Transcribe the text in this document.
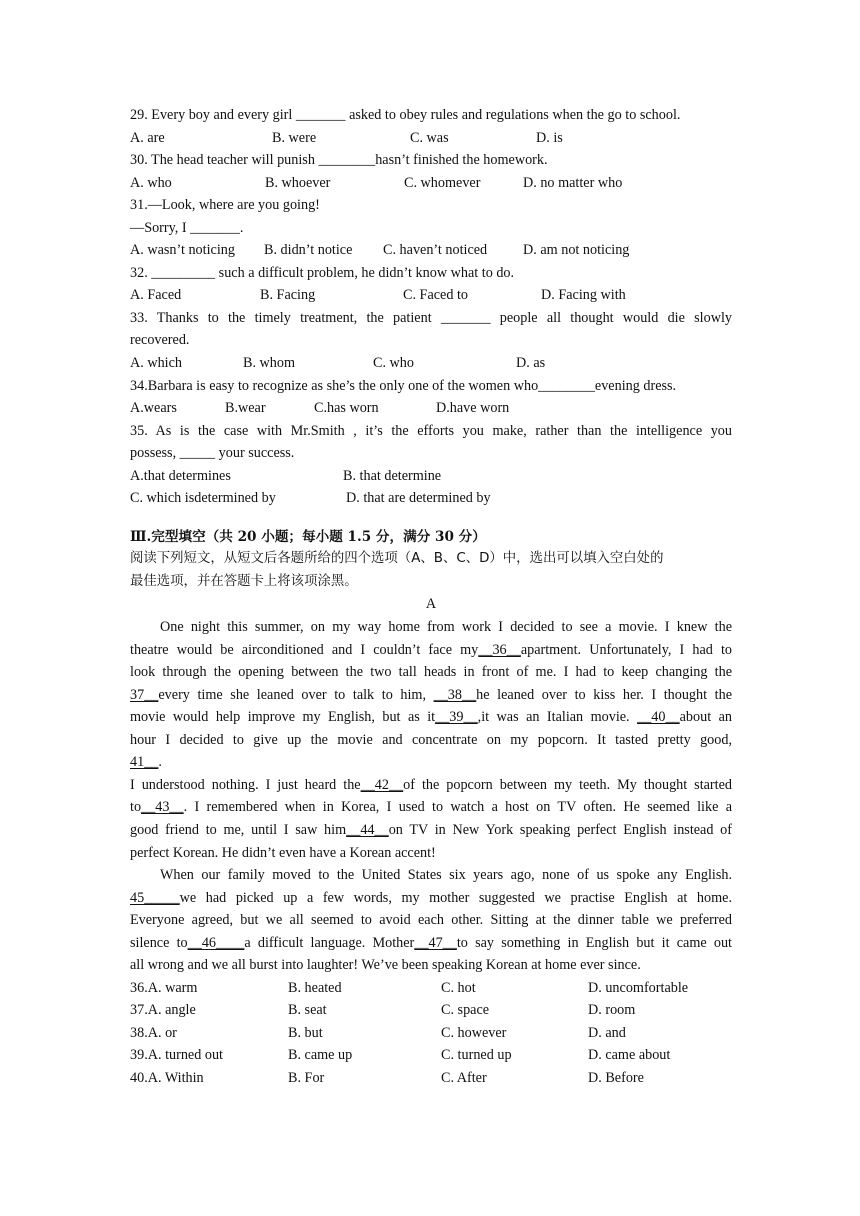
29. Every boy and every girl _______ asked to obey rules and regulations when the go to school.
A. are	B. were	C. was	D. is
30. The head teacher will punish ________hasn’t finished the homework.
A. who	B. whoever	C. whomever	D. no matter who
31.—Look, where are you going!
—Sorry, I _______.
A. wasn’t noticing B. didn’t notice C. haven’t noticed	D. am not noticing
32. _________ such a difficult problem, he didn’t know what to do.
A. Faced	B. Facing	C. Faced to	D. Facing with
33. Thanks to the timely treatment, the patient _______ people all thought would die slowly
recovered.
A. which	B. whom	C. who	D. as
34.Barbara is easy to recognize as she’s the only one of the women who________evening dress.
A.wears	B.wear	C.has worn	D.have worn
35. As is the case with Mr.Smith , it’s the efforts you make, rather than the intelligence you
possess, _____ your success.
A.that determines	B. that determine
C. which isdetermined by	D. that are determined by
Ⅲ.完型填空（共 20 小题；每小题 1.5 分，满分 30 分）
阅读下列短文，从短文后各题所给的四个选项（A、B、C、D）中，选出可以填入空白处的
最佳选项，并在答题卡上将该项涂黑。
A
One night this summer, on my way home from work I decided to see a movie. I knew the
theatre would be airconditioned and I couldn’t face my__36__apartment. Unfortunately, I had to
look through the opening between the two tall heads in front of me. I had to keep changing the
37__every time she leaned over to talk to him, __38__he leaned over to kiss her. I thought the
movie would help improve my English, but as it__39__,it was an Italian movie. __40__about an
hour I decided to give up the movie and concentrate on my popcorn. It tasted pretty good,
41__.
I understood nothing. I just heard the__42__of the popcorn between my teeth. My thought started
to__43__. I remembered when in Korea, I used to watch a host on TV often. He seemed like a
good friend to me, until I saw him__44__on TV in New York speaking perfect English instead of
perfect Korean. He didn’t even have a Korean accent!
When our family moved to the United States six years ago, none of us spoke any English.
45_____we had picked up a few words, my mother suggested we practise English at home.
Everyone agreed, but we all seemed to avoid each other. Sitting at the dinner table we preferred
silence to__46____a difficult language. Mother__47__to say something in English but it came out
all wrong and we all burst into laughter! We’ve been speaking Korean at home ever since.
36.A. warm	B. heated	C. hot	D. uncomfortable
37.A. angle	B. seat	C. space	D. room
38.A. or	B. but	C. however	D. and
39.A. turned out	B. came up	C. turned up	D. came about
40.A. Within	B. For	C. After	D. Before
